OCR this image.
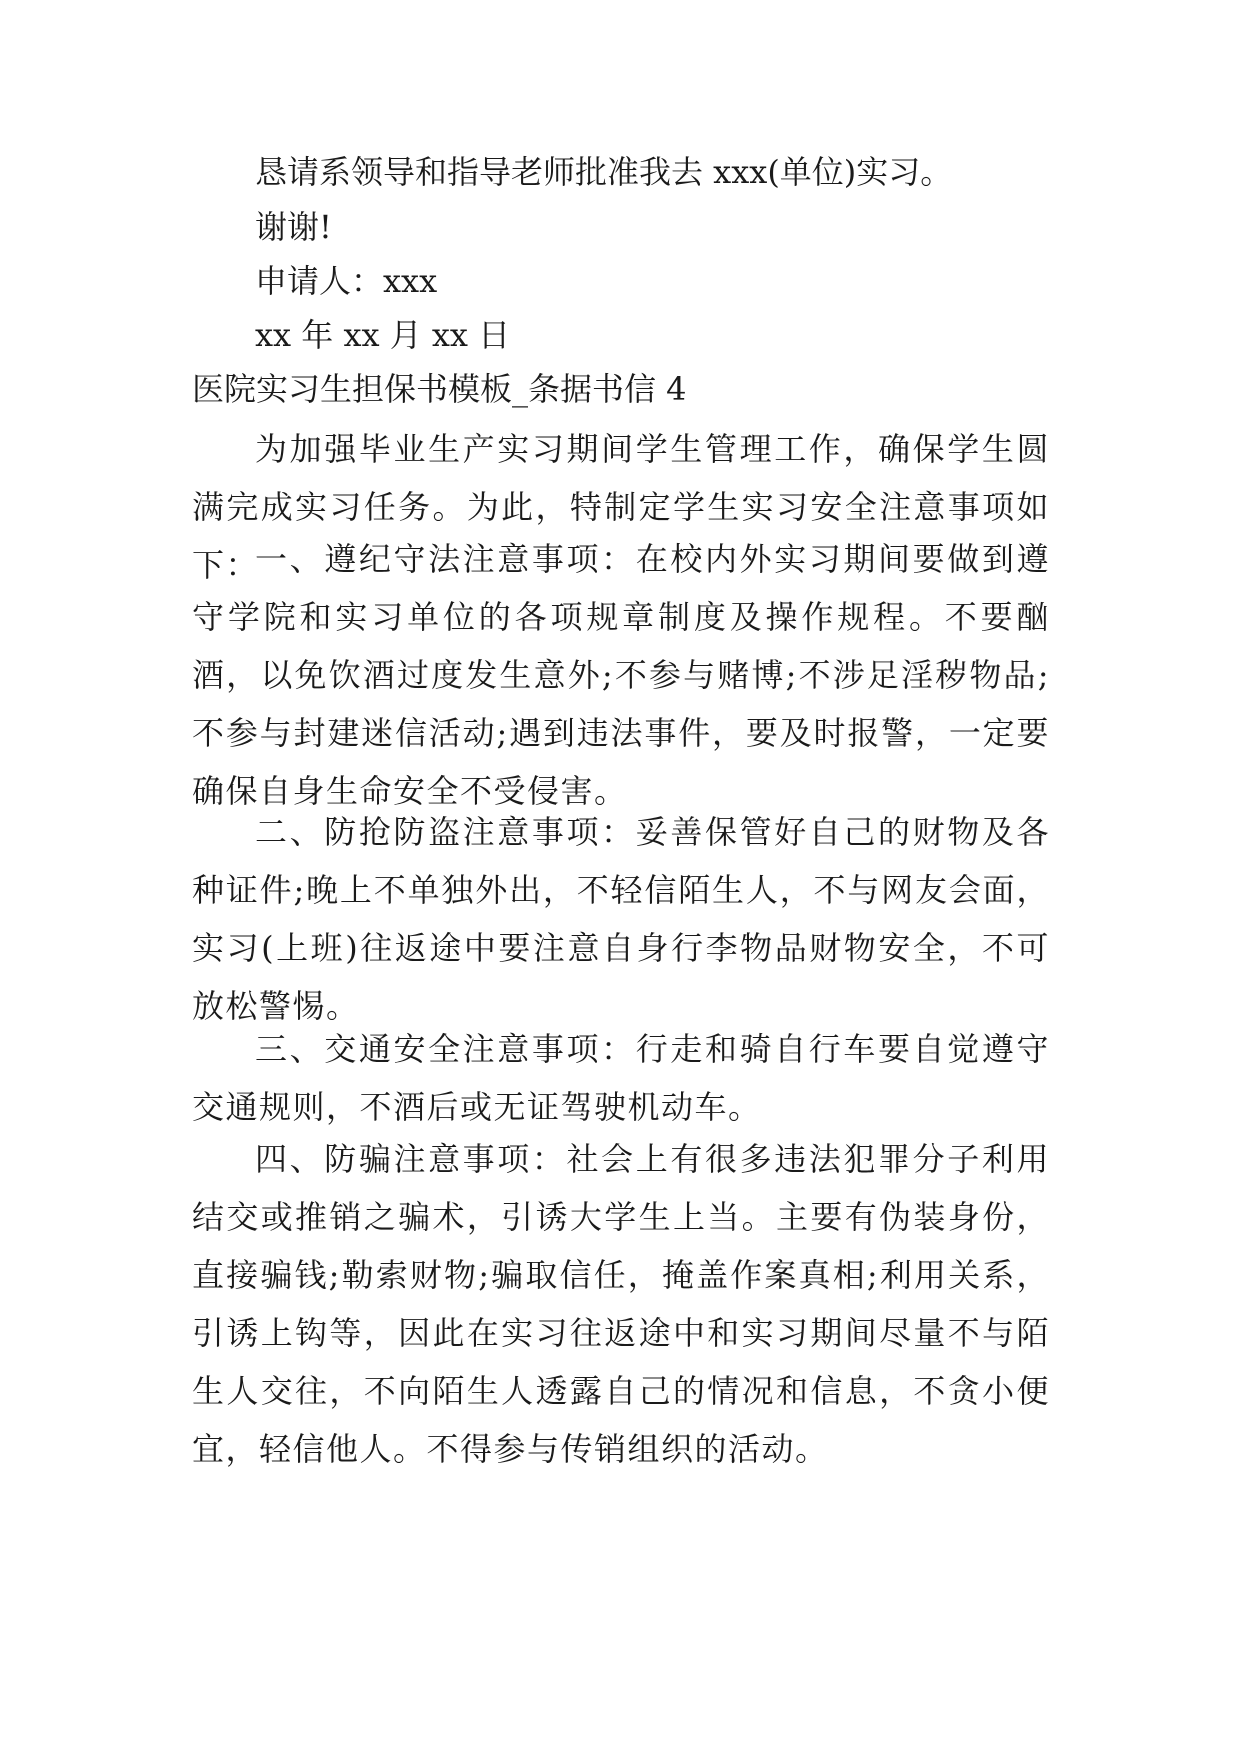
恳请系领导和指导老师批准我去 xxx(单位)实习。
谢谢!
申请人：xxx
xx 年 xx 月 xx 日
医院实习生担保书模板_条据书信 4
为加强毕业生产实习期间学生管理工作，确保学生圆满完成实习任务。为此，特制定学生实习安全注意事项如下：
一、遵纪守法注意事项：在校内外实习期间要做到遵守学院和实习单位的各项规章制度及操作规程。不要酗酒，以免饮酒过度发生意外;不参与赌博;不涉足淫秽物品;不参与封建迷信活动;遇到违法事件，要及时报警，一定要确保自身生命安全不受侵害。
二、防抢防盗注意事项：妥善保管好自己的财物及各种证件;晚上不单独外出，不轻信陌生人，不与网友会面，实习(上班)往返途中要注意自身行李物品财物安全，不可放松警惕。
三、交通安全注意事项：行走和骑自行车要自觉遵守交通规则，不酒后或无证驾驶机动车。
四、防骗注意事项：社会上有很多违法犯罪分子利用结交或推销之骗术，引诱大学生上当。主要有伪装身份，直接骗钱;勒索财物;骗取信任，掩盖作案真相;利用关系，引诱上钩等，因此在实习往返途中和实习期间尽量不与陌生人交往，不向陌生人透露自己的情况和信息，不贪小便宜，轻信他人。不得参与传销组织的活动。
